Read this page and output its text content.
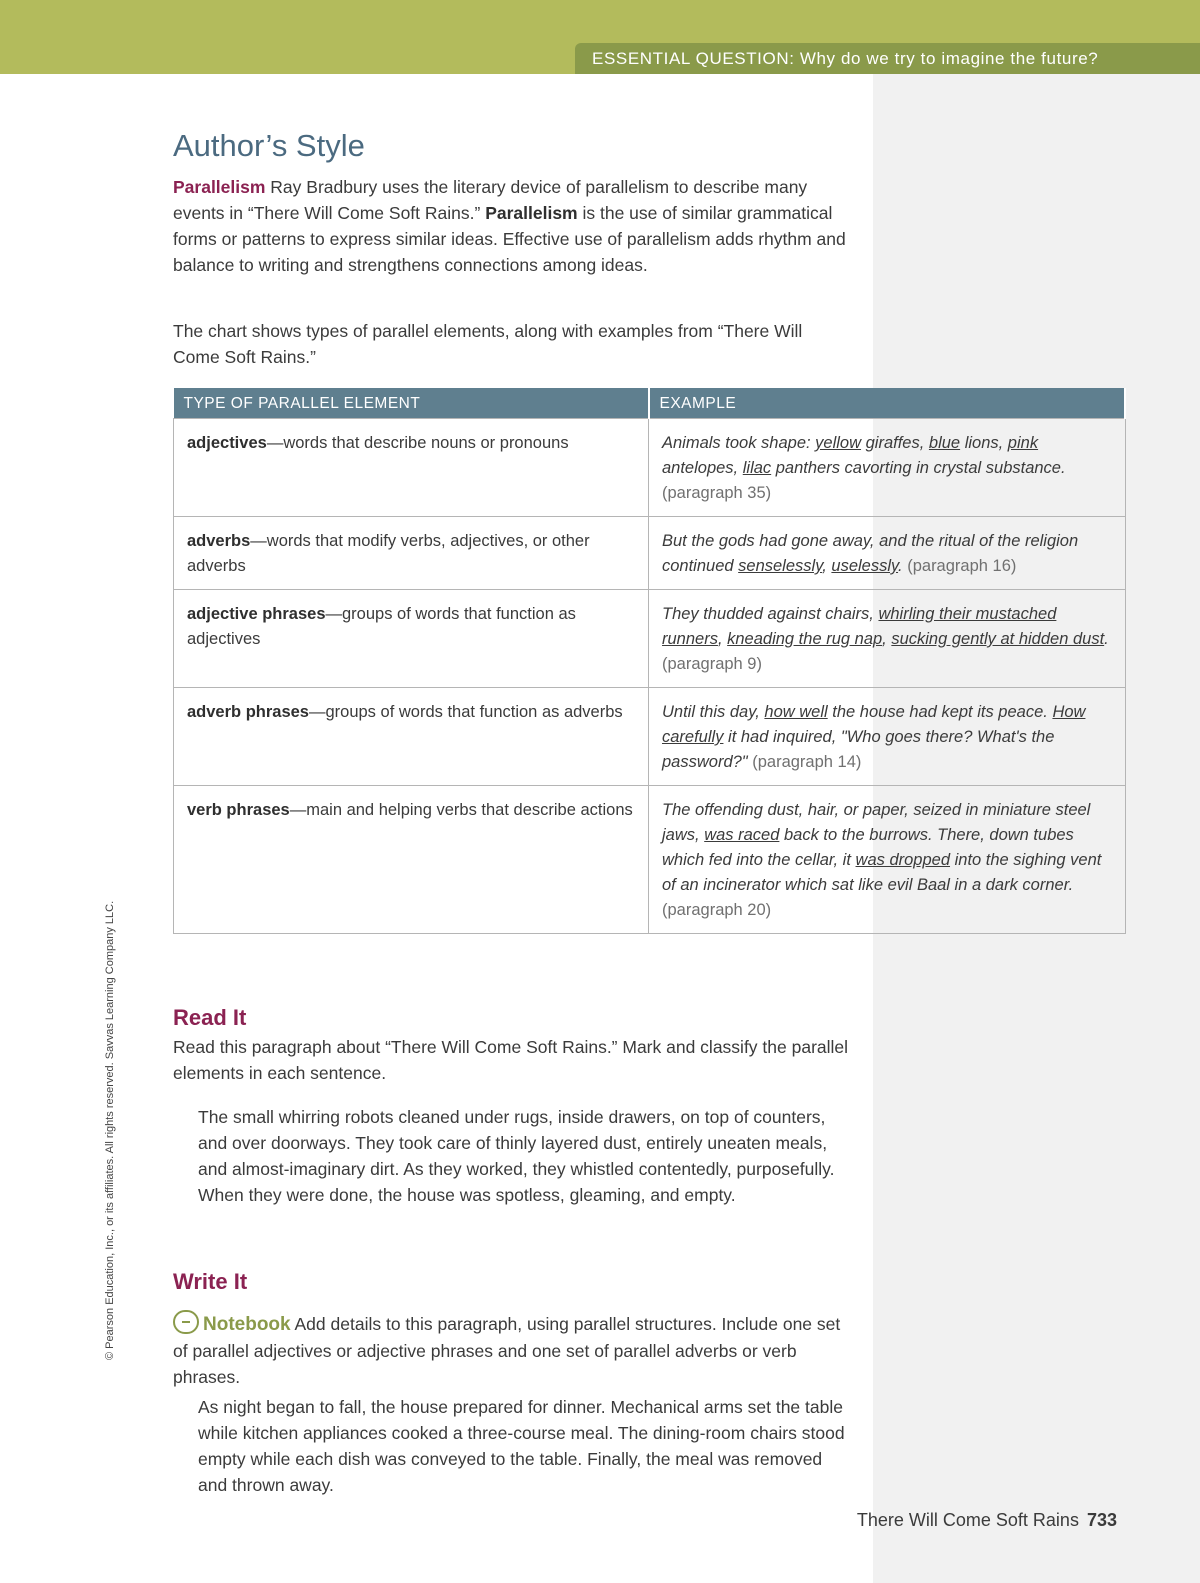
ESSENTIAL QUESTION: Why do we try to imagine the future?
Author’s Style

Parallelism Ray Bradbury uses the literary device of parallelism to describe many events in “There Will Come Soft Rains.” Parallelism is the use of similar grammatical forms or patterns to express similar ideas. Effective use of parallelism adds rhythm and balance to writing and strengthens connections among ideas.

The chart shows types of parallel elements, along with examples from “There Will Come Soft Rains.”

TYPE OF PARALLEL ELEMENT	EXAMPLE
adjectives—words that describe nouns or pronouns	Animals took shape: yellow giraffes, blue lions, pink antelopes, lilac panthers cavorting in crystal substance. (paragraph 35)
adverbs—words that modify verbs, adjectives, or other adverbs	But the gods had gone away, and the ritual of the religion continued senselessly, uselessly. (paragraph 16)
adjective phrases—groups of words that function as adjectives	They thudded against chairs, whirling their mustached runners, kneading the rug nap, sucking gently at hidden dust. (paragraph 9)
adverb phrases—groups of words that function as adverbs	Until this day, how well the house had kept its peace. How carefully it had inquired, "Who goes there? What's the password?" (paragraph 14)
verb phrases—main and helping verbs that describe actions	The offending dust, hair, or paper, seized in miniature steel jaws, was raced back to the burrows. There, down tubes which fed into the cellar, it was dropped into the sighing vent of an incinerator which sat like evil Baal in a dark corner. (paragraph 20)
Read It

Read this paragraph about “There Will Come Soft Rains.” Mark and classify the parallel elements in each sentence.

The small whirring robots cleaned under rugs, inside drawers, on top of counters, and over doorways. They took care of thinly layered dust, entirely uneaten meals, and almost-imaginary dirt. As they worked, they whistled contentedly, purposefully. When they were done, the house was spotless, gleaming, and empty.

Write It

Notebook Add details to this paragraph, using parallel structures. Include one set of parallel adjectives or adjective phrases and one set of parallel adverbs or verb phrases.

As night began to fall, the house prepared for dinner. Mechanical arms set the table while kitchen appliances cooked a three-course meal. The dining-room chairs stood empty while each dish was conveyed to the table. Finally, the meal was removed and thrown away.

© Pearson Education, Inc., or its affiliates. All rights reserved. Savvas Learning Company LLC.
There Will Come Soft Rains 733
